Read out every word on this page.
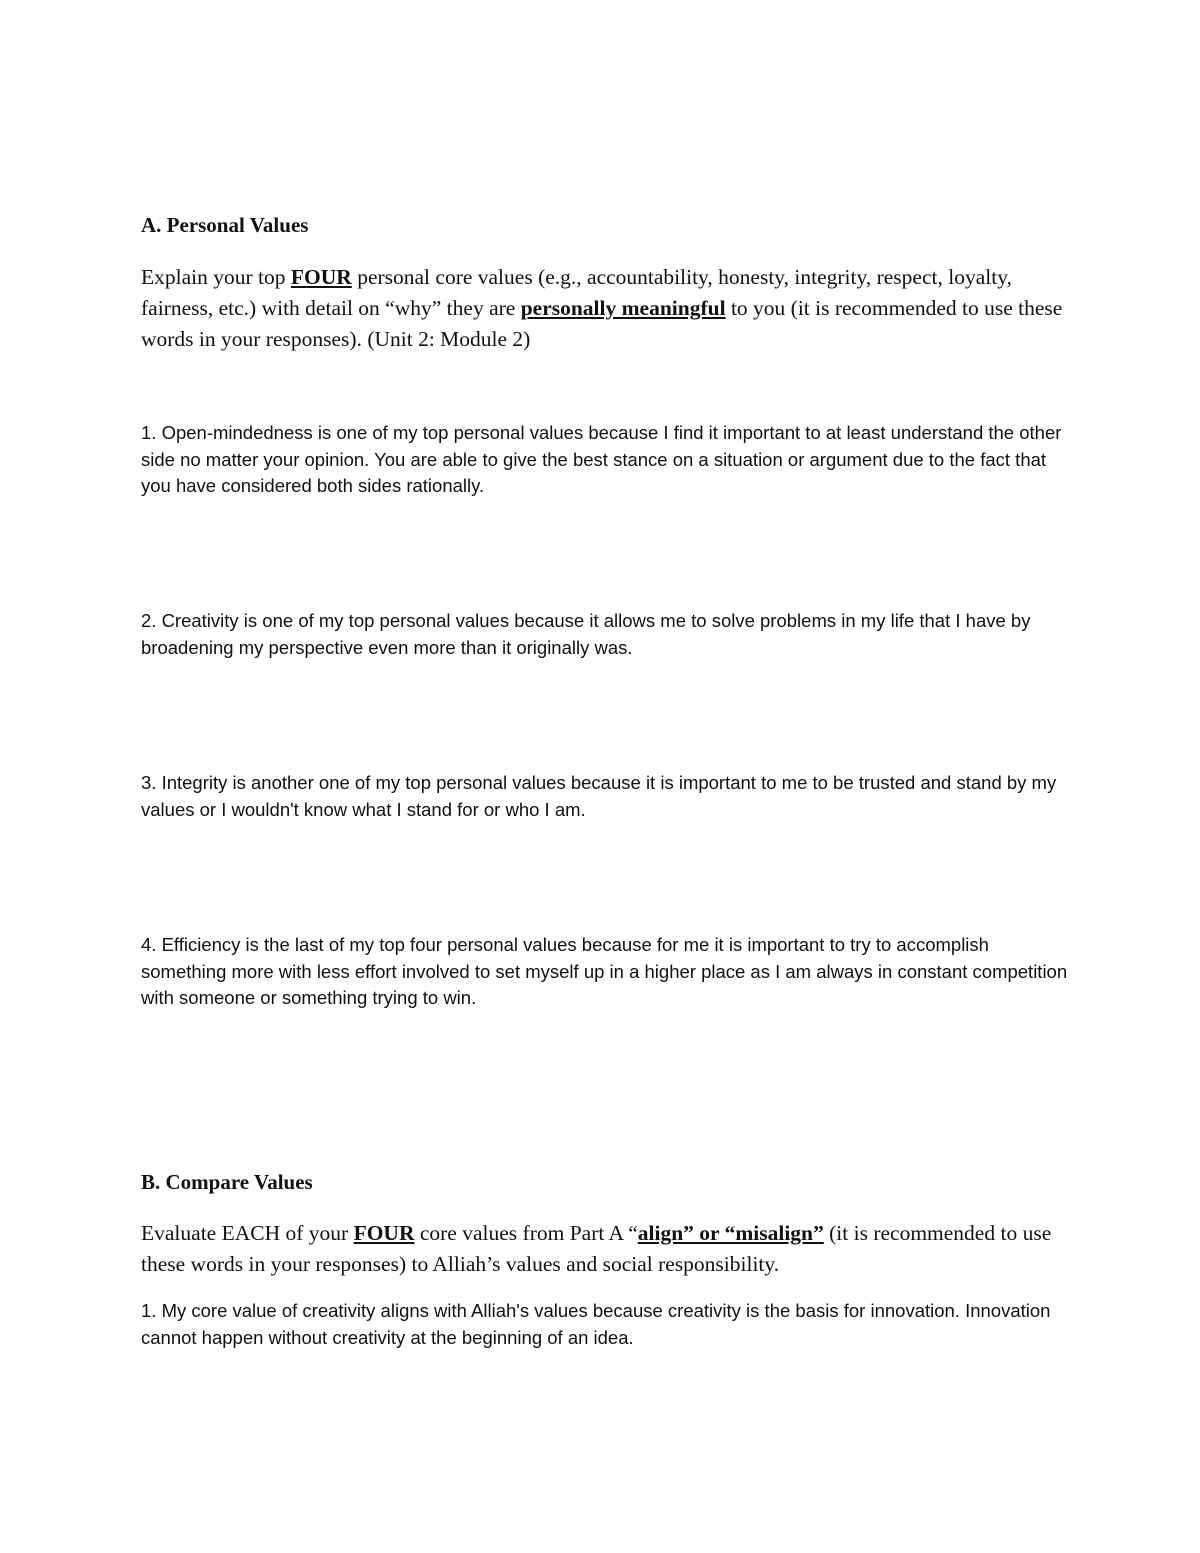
A. Personal Values

Explain your top FOUR personal core values (e.g., accountability, honesty, integrity, respect, loyalty, fairness, etc.) with detail on “why” they are personally meaningful to you (it is recommended to use these words in your responses). (Unit 2: Module 2)

1. Open-mindedness is one of my top personal values because I find it important to at least understand the other side no matter your opinion. You are able to give the best stance on a situation or argument due to the fact that you have considered both sides rationally.

2. Creativity is one of my top personal values because it allows me to solve problems in my life that I have by broadening my perspective even more than it originally was.

3. Integrity is another one of my top personal values because it is important to me to be trusted and stand by my values or I wouldn't know what I stand for or who I am.

4. Efficiency is the last of my top four personal values because for me it is important to try to accomplish something more with less effort involved to set myself up in a higher place as I am always in constant competition with someone or something trying to win.

B. Compare Values

Evaluate EACH of your FOUR core values from Part A “align” or “misalign” (it is recommended to use these words in your responses) to Alliah’s values and social responsibility.

1. My core value of creativity aligns with Alliah's values because creativity is the basis for innovation. Innovation cannot happen without creativity at the beginning of an idea.
